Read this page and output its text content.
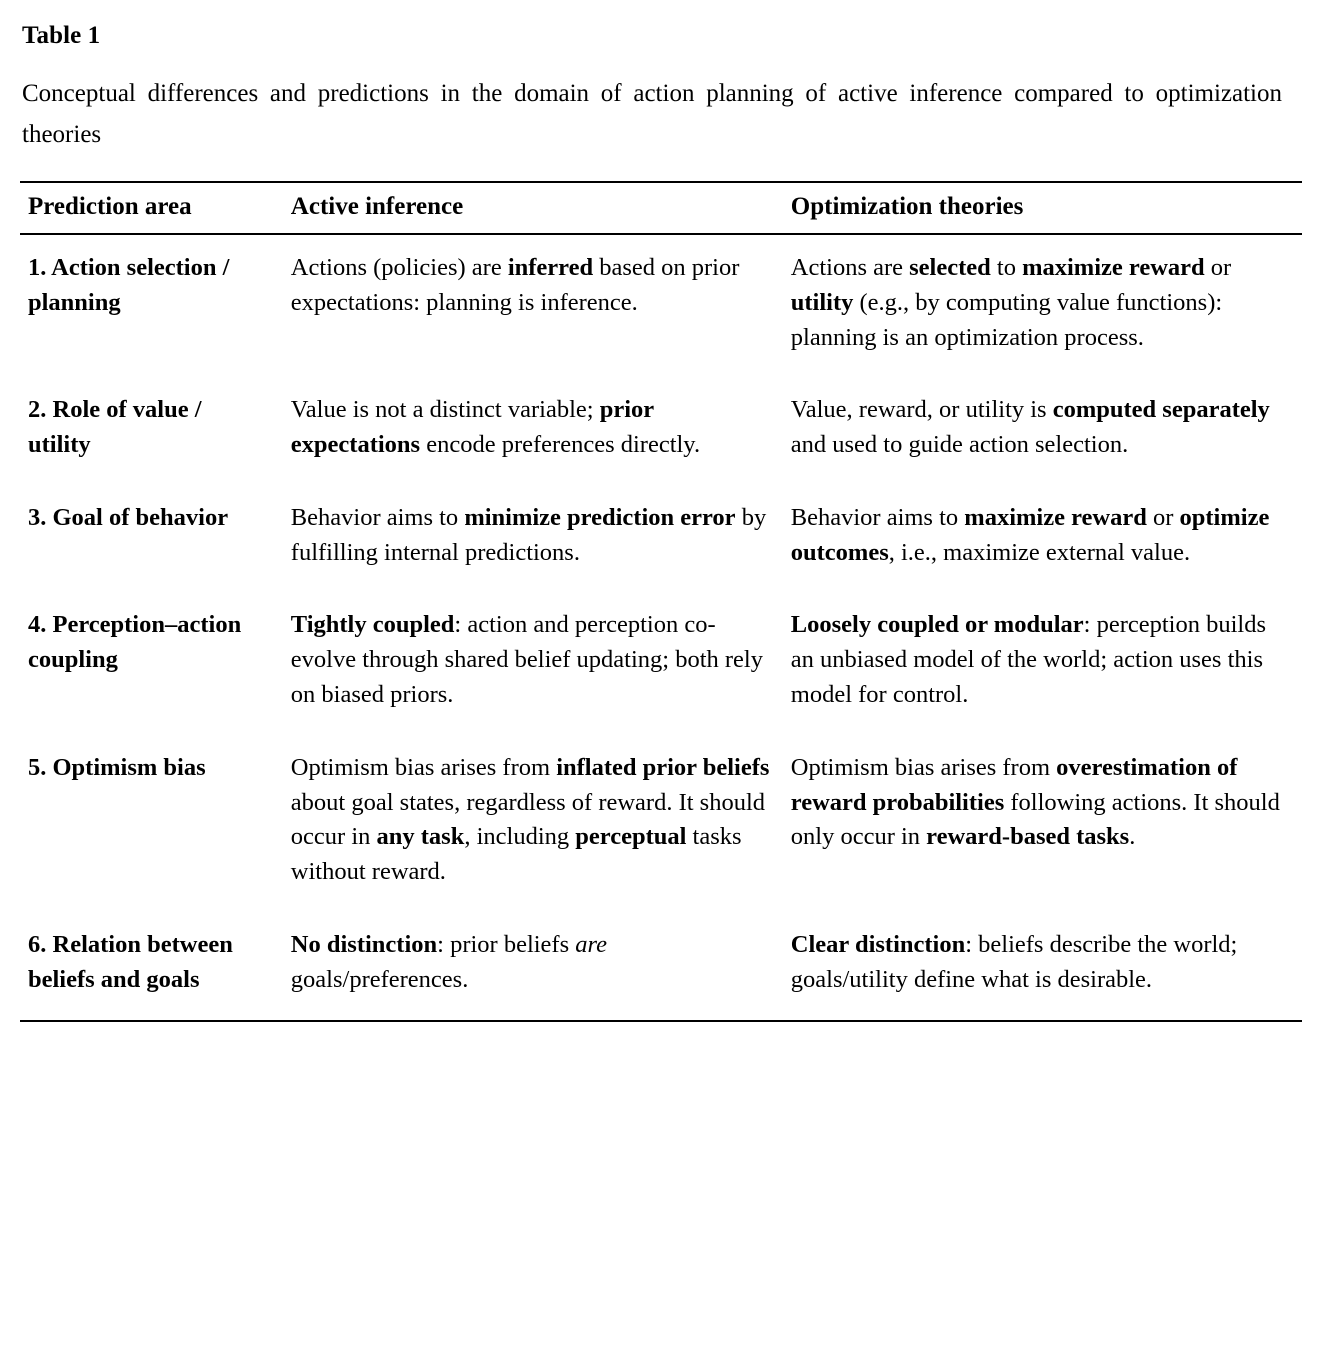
Table 1
Conceptual differences and predictions in the domain of action planning of active inference compared to optimization theories
Prediction area	Active inference	Optimization theories
1. Action selection / planning	Actions (policies) are inferred based on prior expectations: planning is inference.	Actions are selected to maximize reward or utility (e.g., by computing value functions): planning is an optimization process.
2. Role of value / utility	Value is not a distinct variable; prior expectations encode preferences directly.	Value, reward, or utility is computed separately and used to guide action selection.
3. Goal of behavior	Behavior aims to minimize prediction error by fulfilling internal predictions.	Behavior aims to maximize reward or optimize outcomes, i.e., maximize external value.
4. Perception–action coupling	Tightly coupled: action and perception co-evolve through shared belief updating; both rely on biased priors.	Loosely coupled or modular: perception builds an unbiased model of the world; action uses this model for control.
5. Optimism bias	Optimism bias arises from inflated prior beliefs about goal states, regardless of reward. It should occur in any task, including perceptual tasks without reward.	Optimism bias arises from overestimation of reward probabilities following actions. It should only occur in reward-based tasks.
6. Relation between beliefs and goals	No distinction: prior beliefs are goals/preferences.	Clear distinction: beliefs describe the world; goals/utility define what is desirable.
